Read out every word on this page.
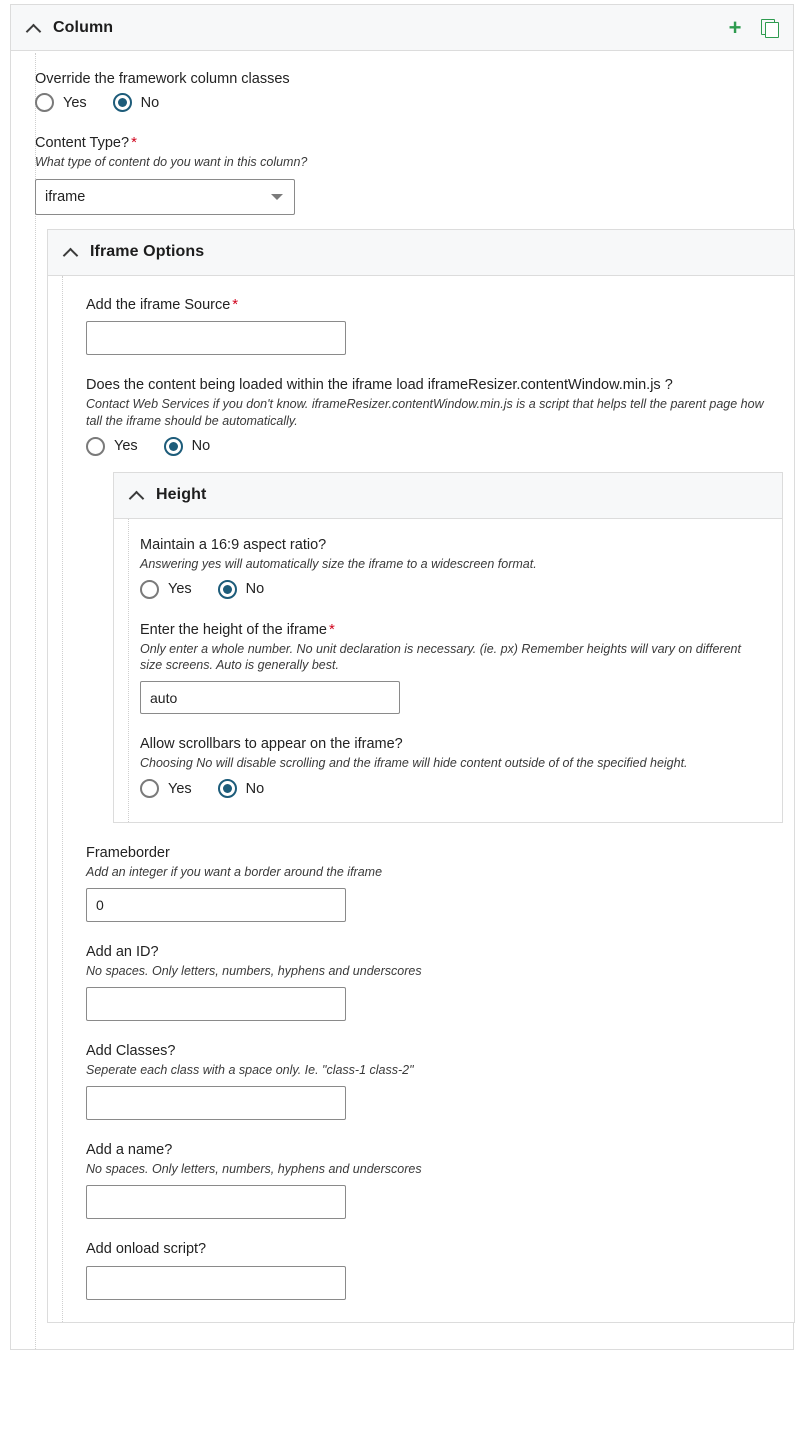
Column	+
Override the framework column classes
Yes	No
Content Type? *
What type of content do you want in this column?
iframe
Iframe Options
Add the iframe Source *
Does the content being loaded within the iframe load iframeResizer.contentWindow.min.js ?
Contact Web Services if you don't know. iframeResizer.contentWindow.min.js is a script that helps tell the parent page how tall the iframe should be automatically.
Yes	No
Height
Maintain a 16:9 aspect ratio?
Answering yes will automatically size the iframe to a widescreen format.
Yes	No
Enter the height of the iframe *
Only enter a whole number. No unit declaration is necessary. (ie. px) Remember heights will vary on different size screens. Auto is generally best.
auto
Allow scrollbars to appear on the iframe?
Choosing No will disable scrolling and the iframe will hide content outside of of the specified height.
Yes	No
Frameborder
Add an integer if you want a border around the iframe
0
Add an ID?
No spaces. Only letters, numbers, hyphens and underscores
Add Classes?
Seperate each class with a space only. Ie. "class-1 class-2"
Add a name?
No spaces. Only letters, numbers, hyphens and underscores
Add onload script?
